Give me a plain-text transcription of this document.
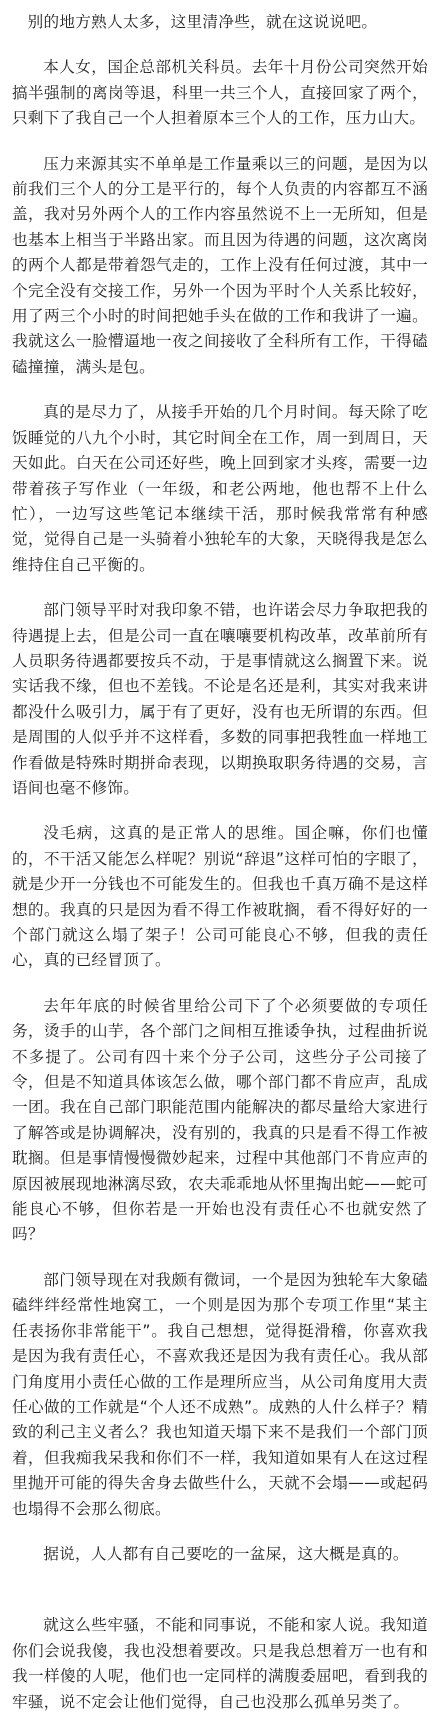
别的地方熟人太多，这里清净些，就在这说说吧。

本人女，国企总部机关科员。去年十月份公司突然开始搞半强制的离岗等退，科里一共三个人，直接回家了两个，只剩下了我自己一个人担着原本三个人的工作，压力山大。

压力来源其实不单单是工作量乘以三的问题，是因为以前我们三个人的分工是平行的，每个人负责的内容都互不涵盖，我对另外两个人的工作内容虽然说不上一无所知，但是也基本上相当于半路出家。而且因为待遇的问题，这次离岗的两个人都是带着怨气走的，工作上没有任何过渡，其中一个完全没有交接工作，另外一个因为平时个人关系比较好，用了两三个小时的时间把她手头在做的工作和我讲了一遍。我就这么一脸懵逼地一夜之间接收了全科所有工作，干得磕磕撞撞，满头是包。

真的是尽力了，从接手开始的几个月时间。每天除了吃饭睡觉的八九个小时，其它时间全在工作，周一到周日，天天如此。白天在公司还好些，晚上回到家才头疼，需要一边带着孩子写作业（一年级，和老公两地，他也帮不上什么忙），一边写这些笔记本继续干活，那时候我常常有种感觉，觉得自己是一头骑着小独轮车的大象，天晓得我是怎么维持住自己平衡的。

部门领导平时对我印象不错，也许诺会尽力争取把我的待遇提上去，但是公司一直在嚷嚷要机构改革，改革前所有人员职务待遇都要按兵不动，于是事情就这么搁置下来。说实话我不缘，但也不差钱。不论是名还是利，其实对我来讲都没什么吸引力，属于有了更好，没有也无所谓的东西。但是周围的人似乎并不这样看，多数的同事把我牲血一样地工作看做是特殊时期拼命表现，以期换取职务待遇的交易，言语间也毫不修饰。

没毛病，这真的是正常人的思维。国企嘛，你们也懂的，不干活又能怎么样呢？别说“辞退”这样可怕的字眼了，就是少开一分钱也不可能发生的。但我也千真万确不是这样想的。我真的只是因为看不得工作被耽搁，看不得好好的一个部门就这么塌了架子！公司可能良心不够，但我的责任心，真的已经冒顶了。

去年年底的时候省里给公司下了个必须要做的专项任务，烫手的山芋，各个部门之间相互推诿争执，过程曲折说不多提了。公司有四十来个分子公司，这些分子公司接了令，但是不知道具体该怎么做，哪个部门都不肯应声，乱成一团。我在自己部门职能范围内能解决的都尽量给大家进行了解答或是协调解决，没有别的，我真的只是看不得工作被耽搁。但是事情慢慢微妙起来，过程中其他部门不肯应声的原因被展现地淋漓尽致，农夫乖乖地从怀里掏出蛇——蛇可能良心不够，但你若是一开始也没有责任心不也就安然了吗？

部门领导现在对我颇有微词，一个是因为独轮车大象磕磕绊绊经常性地窝工，一个则是因为那个专项工作里“某主任表扬你非常能干”。我自己想想，觉得挺滑稽，你喜欢我是因为我有责任心，不喜欢我还是因为我有责任心。我从部门角度用小责任心做的工作是理所应当，从公司角度用大责任心做的工作就是“个人还不成熟”。成熟的人什么样子？精致的利己主义者么？我也知道天塌下来不是我们一个部门顶着，但我痴我呆我和你们不一样，我知道如果有人在这过程里抛开可能的得失舍身去做些什么，天就不会塌——或起码也塌得不会那么彻底。

据说，人人都有自己要吃的一盆屎，这大概是真的。

就这么些牢骚，不能和同事说，不能和家人说。我知道你们会说我傻，我也没想着要改。只是我总想着万一也有和我一样傻的人呢，他们也一定同样的满腹委屈吧，看到我的牢骚，说不定会让他们觉得，自己也没那么孤单另类了。
